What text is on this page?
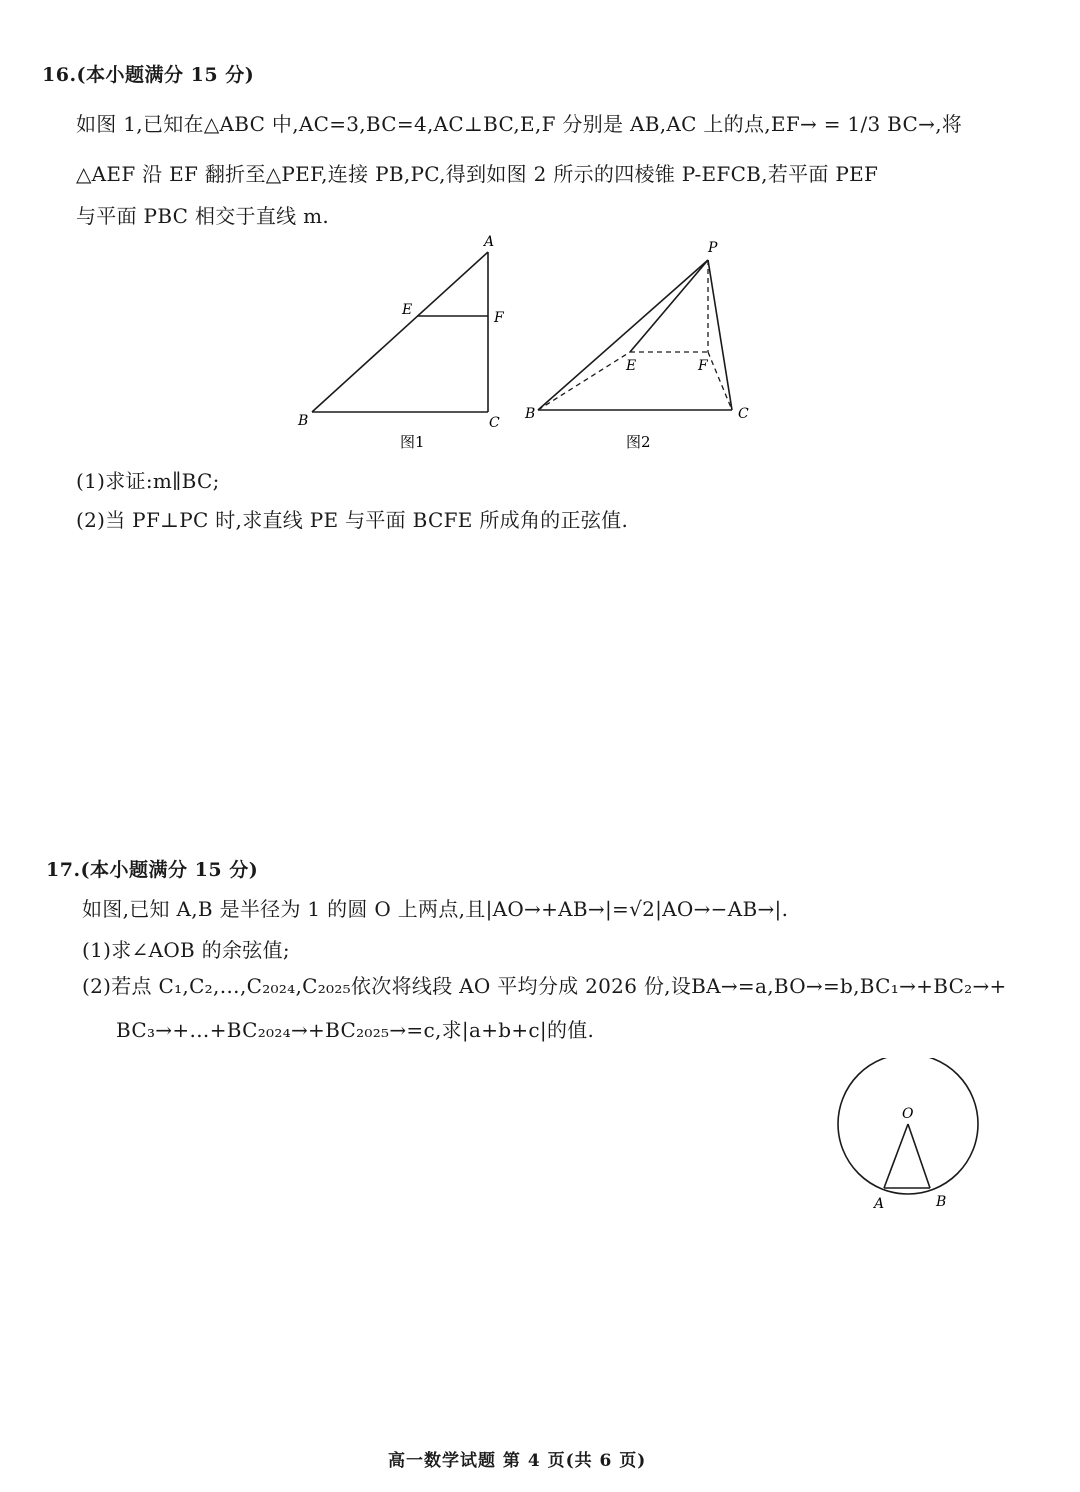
16.(本小题满分 15 分)
如图 1,已知在△ABC 中,AC=3,BC=4,AC⊥BC,E,F 分别是 AB,AC 上的点,EF→ = 1/3 BC→,将
△AEF 沿 EF 翻折至△PEF,连接 PB,PC,得到如图 2 所示的四棱锥 P-EFCB,若平面 PEF
与平面 PBC 相交于直线 m.
A
B	C
E	F
图1
P
B	C
E	F
图2
(1)求证:m∥BC;
(2)当 PF⊥PC 时,求直线 PE 与平面 BCFE 所成角的正弦值.
17.(本小题满分 15 分)
如图,已知 A,B 是半径为 1 的圆 O 上两点,且|AO→+AB→|=√2|AO→−AB→|.
(1)求∠AOB 的余弦值;
(2)若点 C₁,C₂,…,C₂₀₂₄,C₂₀₂₅依次将线段 AO 平均分成 2026 份,设BA→=a,BO→=b,BC₁→+BC₂→+
BC₃→+…+BC₂₀₂₄→+BC₂₀₂₅→=c,求|a+b+c|的值.
O
A	B
高一数学试题 第 4 页(共 6 页)
